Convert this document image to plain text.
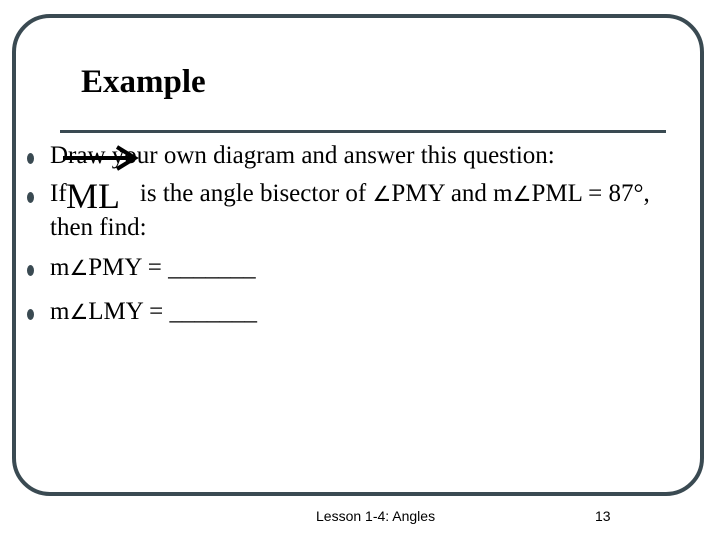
Example
Draw your own diagram and answer this question:
If	is the angle bisector of ∠PMY and m∠PML = 87°,
then find:
ML
m∠PMY = _______
m∠LMY = _______
Lesson 1-4: Angles	13
